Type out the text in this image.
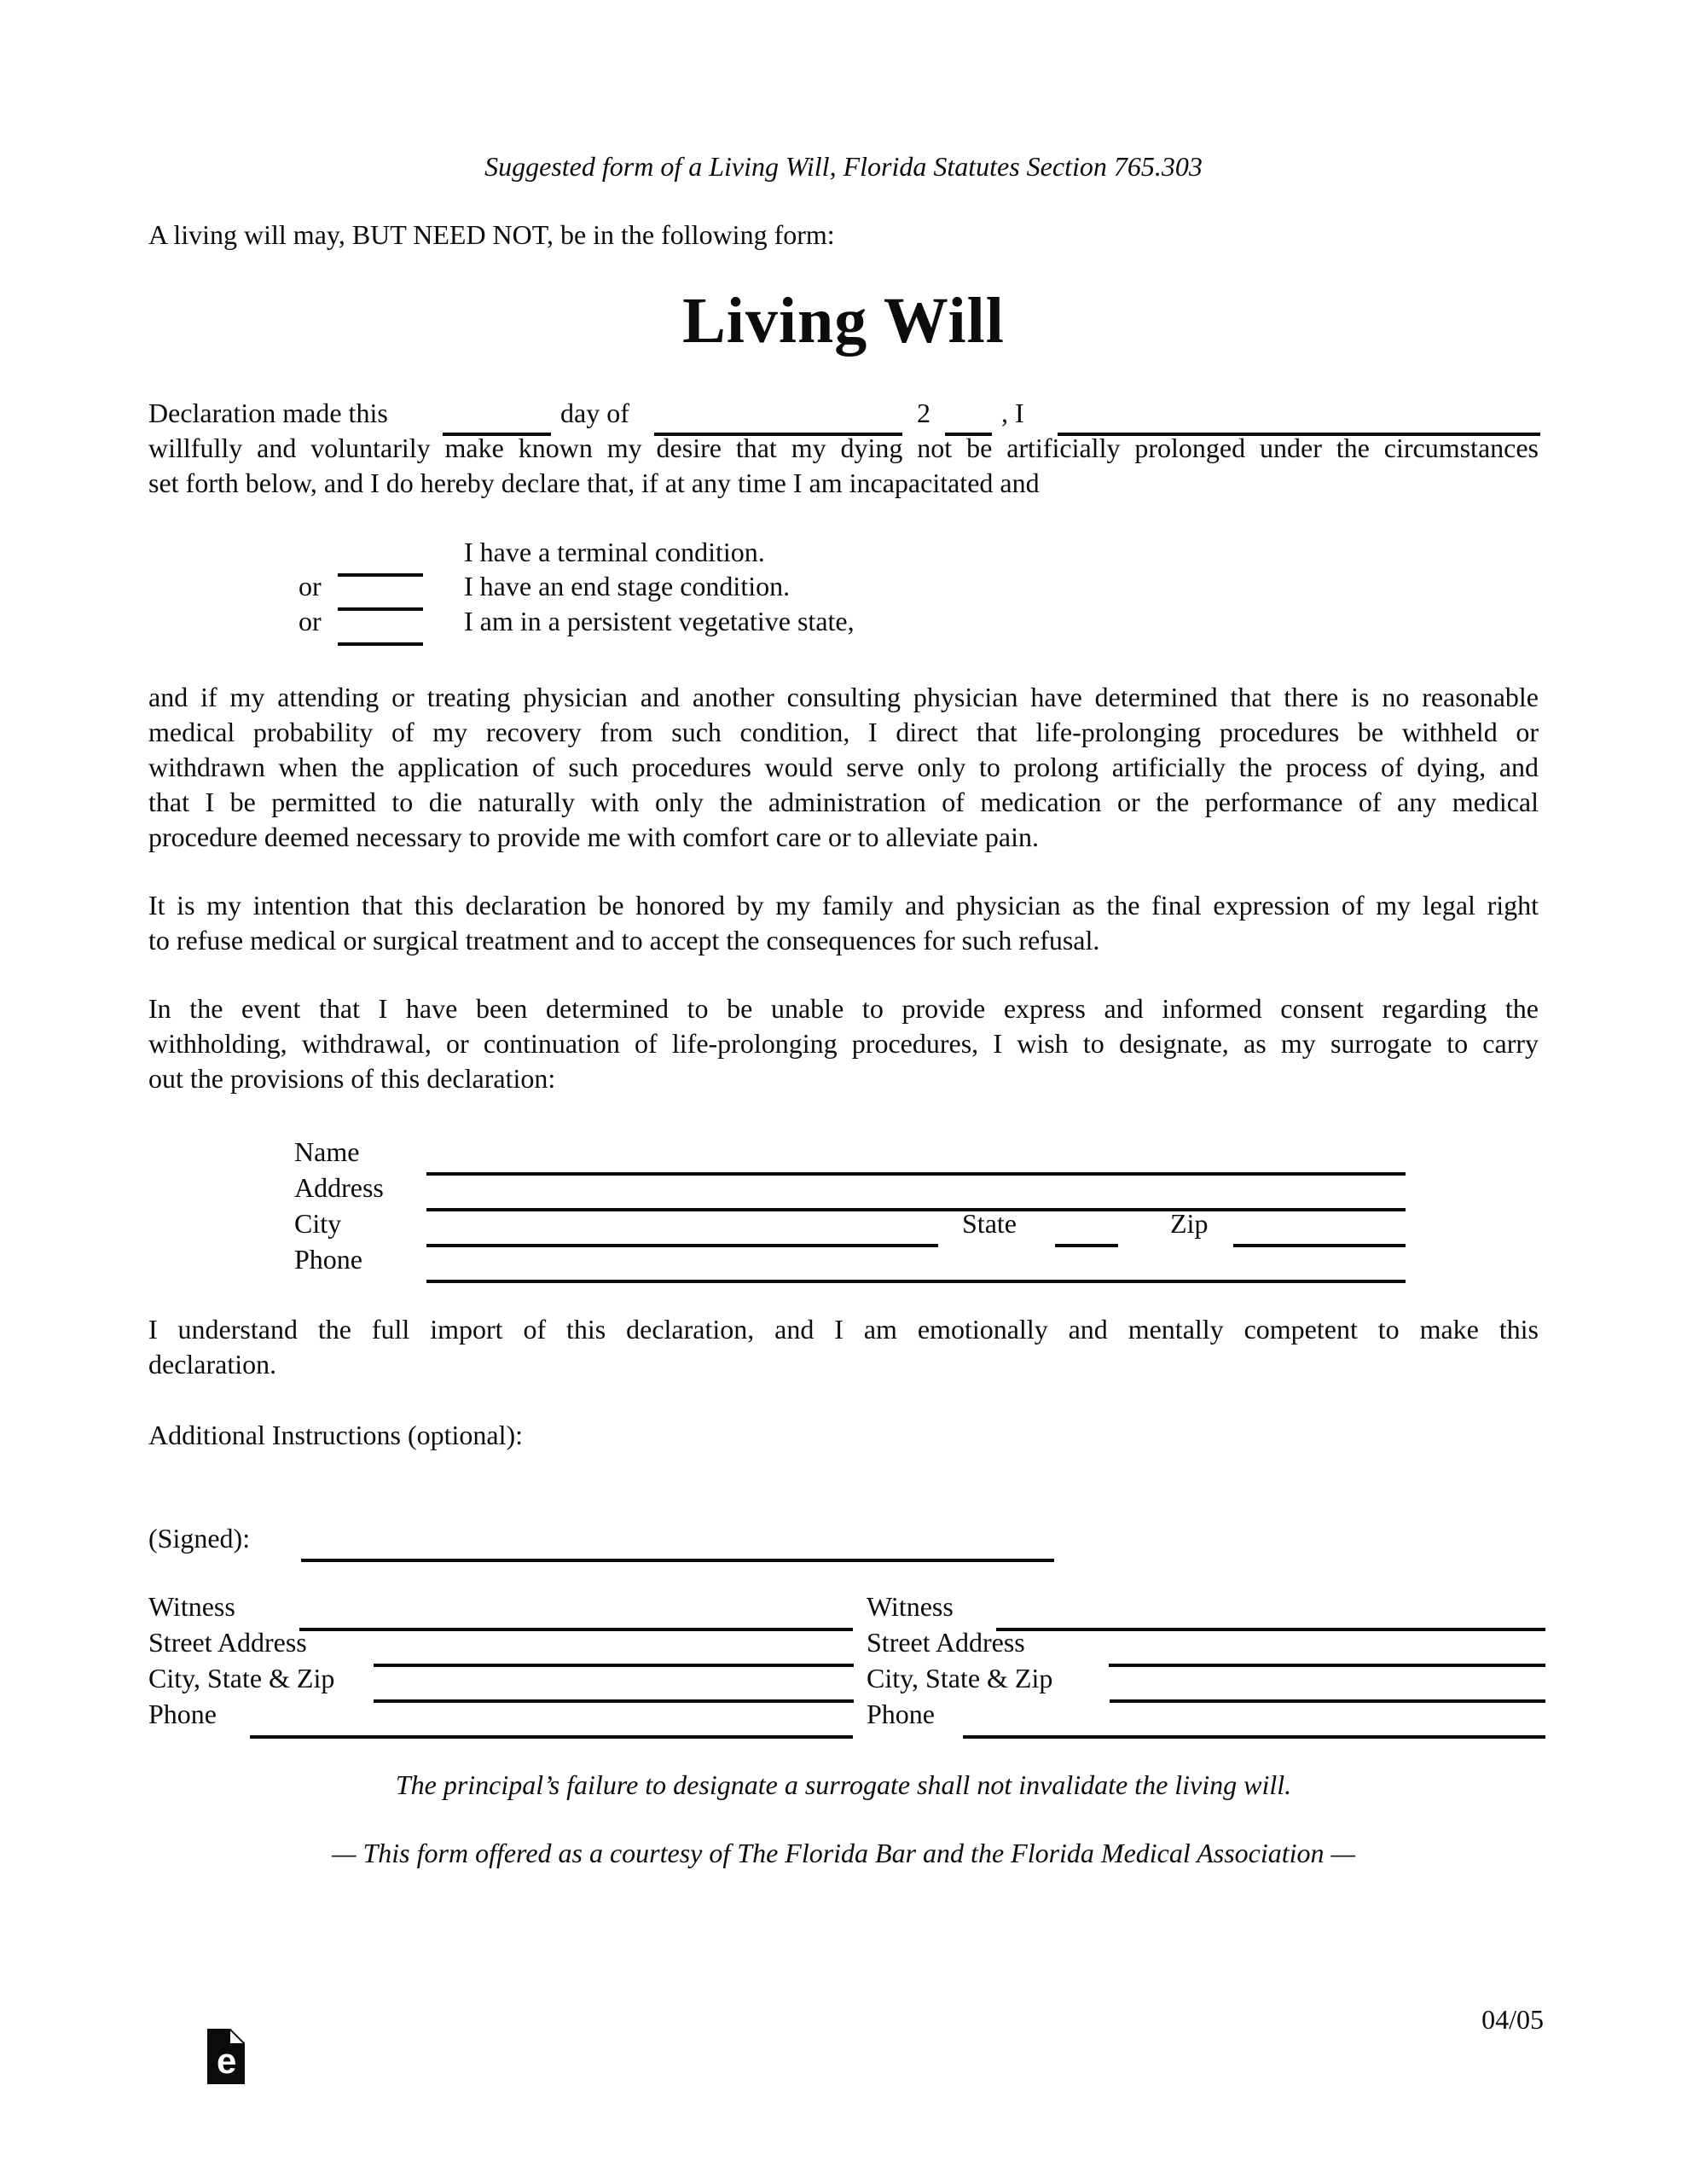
Suggested form of a Living Will, Florida Statutes Section 765.303
A living will may, BUT NEED NOT, be in the following form:
Living Will
Declaration made this	day of	2	, I
willfully and voluntarily make known my desire that my dying not be artificially prolonged under the circumstances
set forth below, and I do hereby declare that, if at any time I am incapacitated and
I have a terminal condition.
or	I have an end stage condition.
or	I am in a persistent vegetative state,
and if my attending or treating physician and another consulting physician have determined that there is no reasonable
medical probability of my recovery from such condition, I direct that life-prolonging procedures be withheld or
withdrawn when the application of such procedures would serve only to prolong artificially the process of dying, and
that I be permitted to die naturally with only the administration of medication or the performance of any medical
procedure deemed necessary to provide me with comfort care or to alleviate pain.
It is my intention that this declaration be honored by my family and physician as the final expression of my legal right
to refuse medical or surgical treatment and to accept the consequences for such refusal.
In the event that I have been determined to be unable to provide express and informed consent regarding the
withholding, withdrawal, or continuation of life-prolonging procedures, I wish to designate, as my surrogate to carry
out the provisions of this declaration:
Name
Address
City	State	Zip
Phone
I understand the full import of this declaration, and I am emotionally and mentally competent to make this
declaration.
Additional Instructions (optional):
(Signed):
Witness
Street Address
City, State & Zip
Phone
Witness
Street Address
City, State & Zip
Phone
The principal’s failure to designate a surrogate shall not invalidate the living will.
— This form offered as a courtesy of The Florida Bar and the Florida Medical Association —
04/05
e
